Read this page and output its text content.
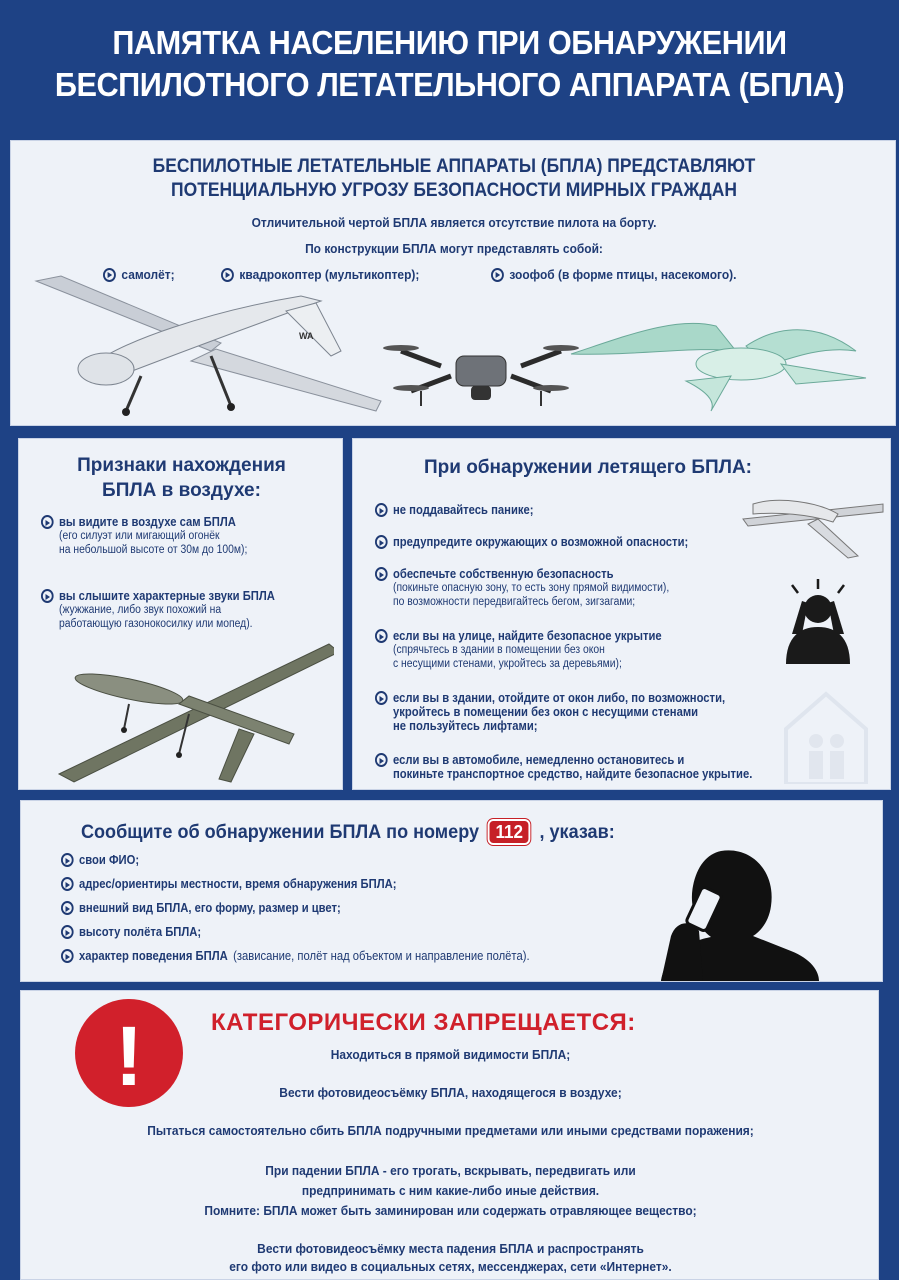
ПАМЯТКА НАСЕЛЕНИЮ ПРИ ОБНАРУЖЕНИИ
БЕСПИЛОТНОГО ЛЕТАТЕЛЬНОГО АППАРАТА (БПЛА)
БЕСПИЛОТНЫЕ ЛЕТАТЕЛЬНЫЕ АППАРАТЫ (БПЛА) ПРЕДСТАВЛЯЮТ
ПОТЕНЦИАЛЬНУЮ УГРОЗУ БЕЗОПАСНОСТИ МИРНЫХ ГРАЖДАН
Отличительной чертой БПЛА является отсутствие пилота на борту.
По конструкции БПЛА могут представлять собой:
самолёт;	квадрокоптер (мультикоптер);	зоофоб (в форме птицы, насекомого).
WA
Признаки нахождения
БПЛА в воздухе:
вы видите в воздухе сам БПЛА
(его силуэт или мигающий огонёк
на небольшой высоте от 30м до 100м);
вы слышите характерные звуки БПЛА
(жужжание, либо звук похожий на
работающую газонокосилку или мопед).
При обнаружении летящего БПЛА:
не поддавайтесь панике;
предупредите окружающих о возможной опасности;
обеспечьте собственную безопасность
(покиньте опасную зону, то есть зону прямой видимости),
по возможности передвигайтесь бегом, зигзагами;
если вы на улице, найдите безопасное укрытие
(спрячьтесь в здании в помещении без окон
с несущими стенами, укройтесь за деревьями);
если вы в здании, отойдите от окон либо, по возможности,
укройтесь в помещении без окон с несущими стенами
не пользуйтесь лифтами;
если вы в автомобиле, немедленно остановитесь и
покиньте транспортное средство, найдите безопасное укрытие.
Сообщите об обнаружении БПЛА по номеру 112 , указав:
свои ФИО;
адрес/ориентиры местности, время обнаружения БПЛА;
внешний вид БПЛА, его форму, размер и цвет;
высоту полёта БПЛА;
характер поведения БПЛА (зависание, полёт над объектом и направление полёта).
!	КАТЕГОРИЧЕСКИ ЗАПРЕЩАЕТСЯ:
Находиться в прямой видимости БПЛА;
Вести фотовидеосъёмку БПЛА, находящегося в воздухе;
Пытаться самостоятельно сбить БПЛА подручными предметами или иными средствами поражения;
При падении БПЛА - его трогать, вскрывать, передвигать или
предпринимать с ним какие-либо иные действия.
Помните: БПЛА может быть заминирован или содержать отравляющее вещество;
Вести фотовидеосъёмку места падения БПЛА и распространять
его фото или видео в социальных сетях, мессенджерах, сети «Интернет».
